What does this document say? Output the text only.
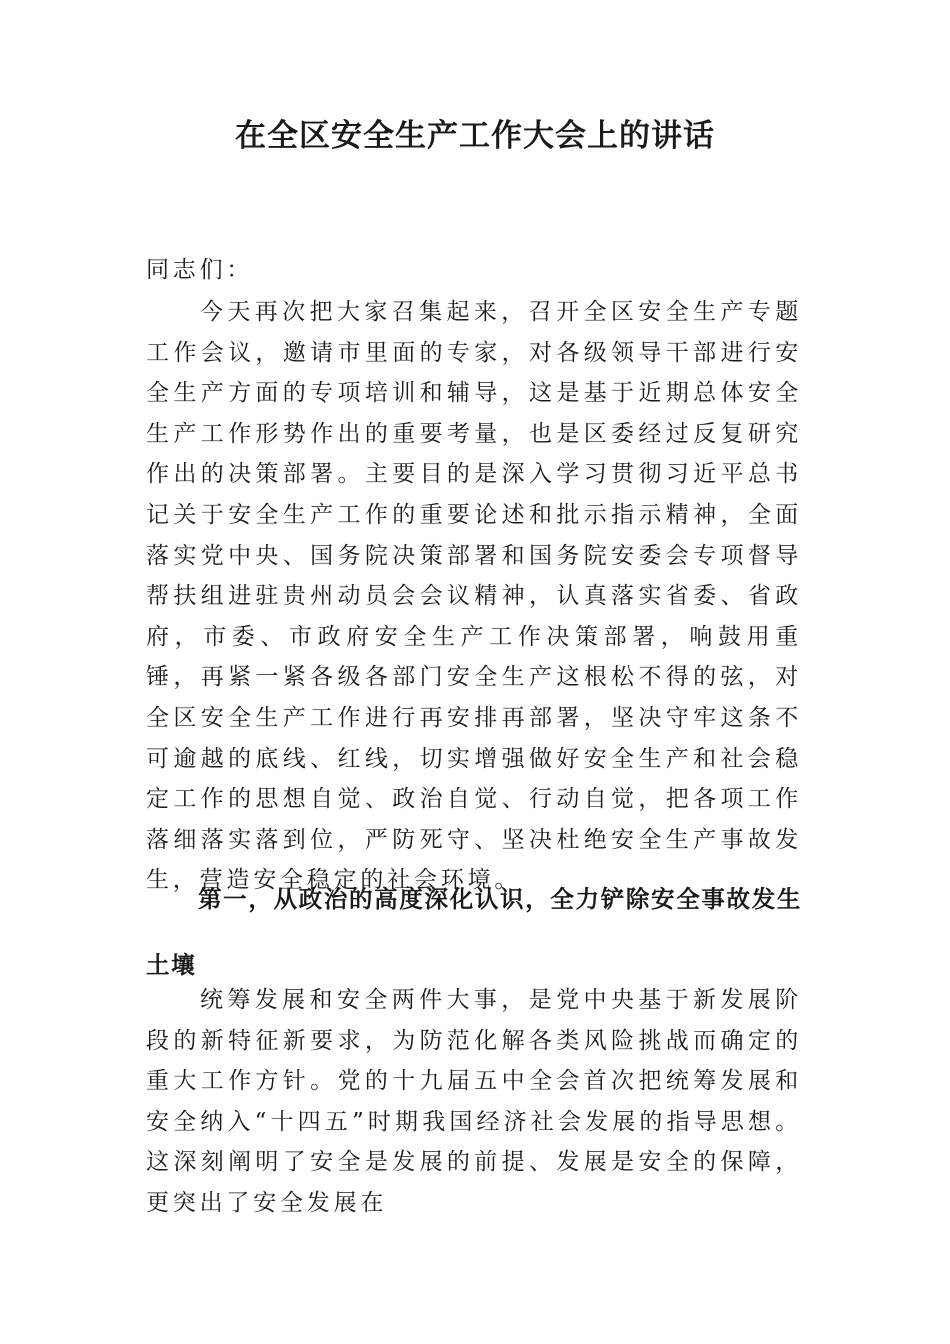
在全区安全生产工作大会上的讲话

同志们：

今天再次把大家召集起来，召开全区安全生产专题工作会议，邀请市里面的专家，对各级领导干部进行安全生产方面的专项培训和辅导，这是基于近期总体安全生产工作形势作出的重要考量，也是区委经过反复研究作出的决策部署。主要目的是深入学习贯彻习近平总书记关于安全生产工作的重要论述和批示指示精神，全面落实党中央、国务院决策部署和国务院安委会专项督导帮扶组进驻贵州动员会会议精神，认真落实省委、省政府，市委、市政府安全生产工作决策部署，响鼓用重锤，再紧一紧各级各部门安全生产这根松不得的弦，对全区安全生产工作进行再安排再部署，坚决守牢这条不可逾越的底线、红线，切实增强做好安全生产和社会稳定工作的思想自觉、政治自觉、行动自觉，把各项工作落细落实落到位，严防死守、坚决杜绝安全生产事故发生，营造安全稳定的社会环境。

第一，从政治的高度深化认识，全力铲除安全事故发生土壤

统筹发展和安全两件大事，是党中央基于新发展阶段的新特征新要求，为防范化解各类风险挑战而确定的重大工作方针。党的十九届五中全会首次把统筹发展和安全纳入“十四五”时期我国经济社会发展的指导思想。这深刻阐明了安全是发展的前提、发展是安全的保障，更突出了安全发展在
